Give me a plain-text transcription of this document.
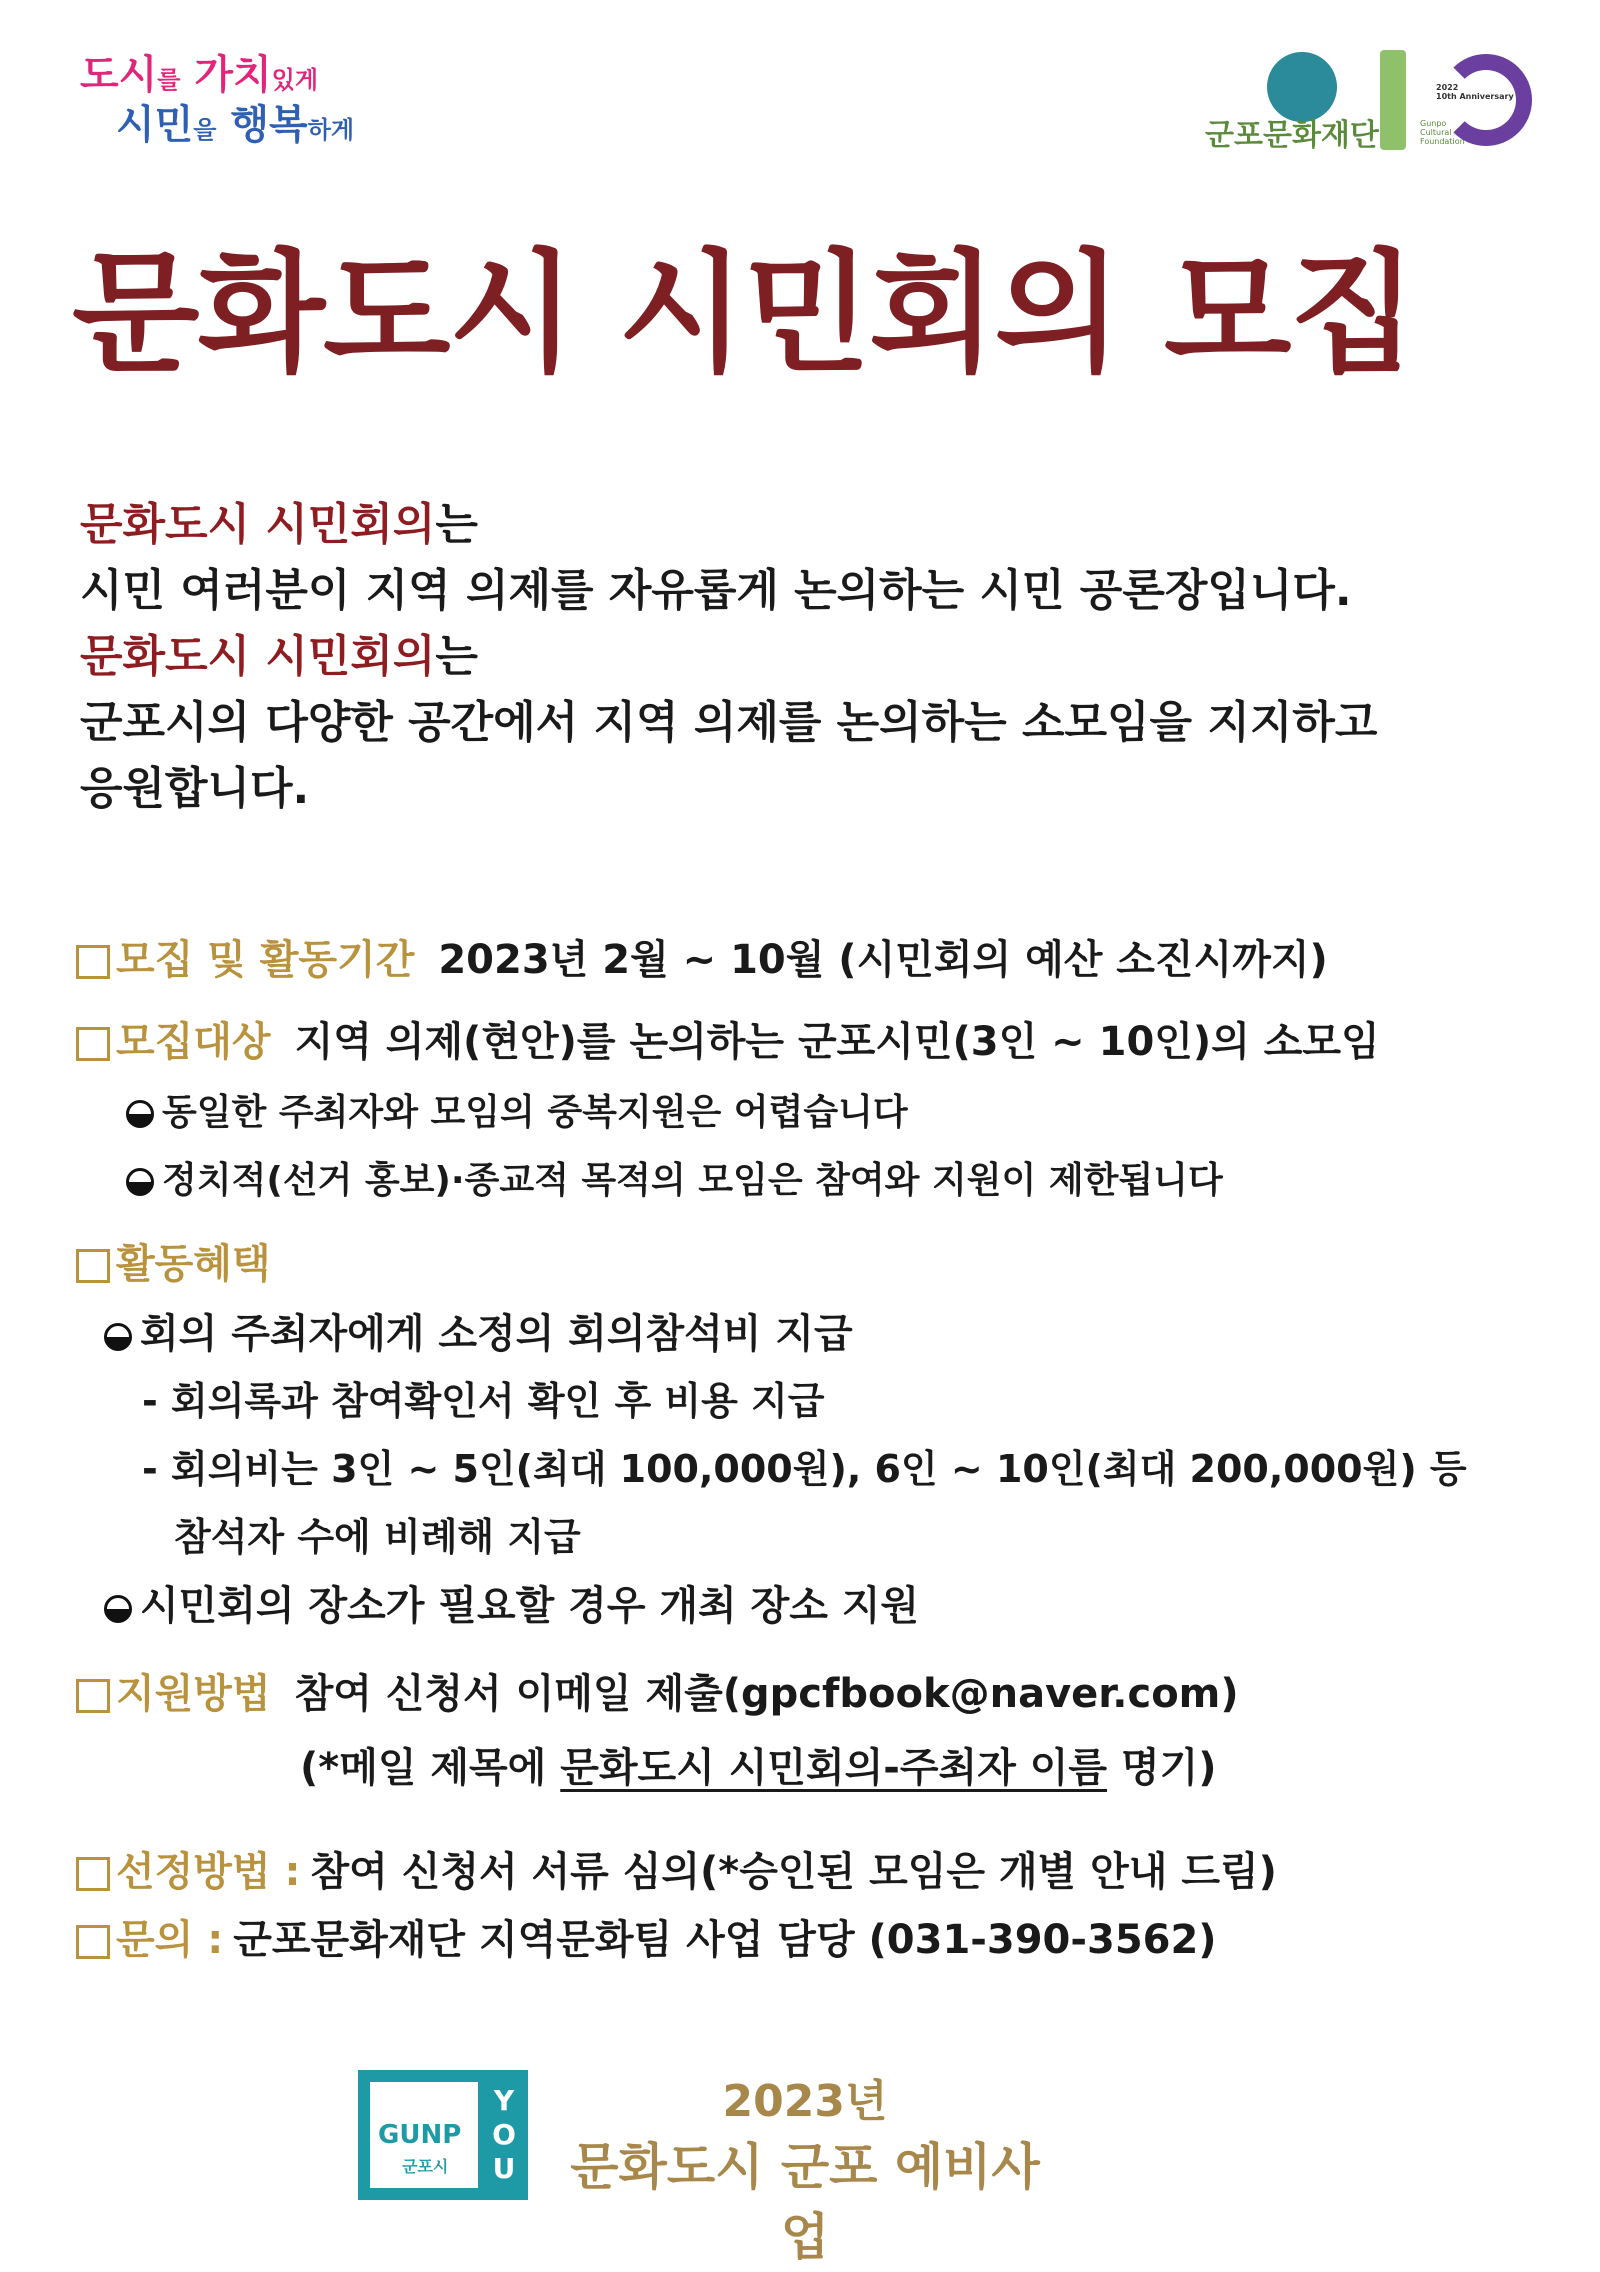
도시를 가치있게
시민을 행복하게	군포문화재단
2022
10th Anniversary
Gunpo
Cultural
Foundation
문화도시 시민회의 모집

문화도시 시민회의는

시민 여러분이 지역 의제를 자유롭게 논의하는 시민 공론장입니다.

문화도시 시민회의는

군포시의 다양한 공간에서 지역 의제를 논의하는 소모임을 지지하고

응원합니다.

모집 및 활동기간 2023년 2월 ~ 10월 (시민회의 예산 소진시까지)
모집대상 지역 의제(현안)를 논의하는 군포시민(3인 ~ 10인)의 소모임
동일한 주최자와 모임의 중복지원은 어렵습니다
정치적(선거 홍보)·종교적 목적의 모임은 참여와 지원이 제한됩니다
활동혜택
회의 주최자에게 소정의 회의참석비 지급
- 회의록과 참여확인서 확인 후 비용 지급
- 회의비는 3인 ~ 5인(최대 100,000원), 6인 ~ 10인(최대 200,000원) 등
참석자 수에 비례해 지급
시민회의 장소가 필요할 경우 개최 장소 지원
지원방법 참여 신청서 이메일 제출(gpcfbook@naver.com)
(*메일 제목에 문화도시 시민회의-주최자 이름 명기)
선정방법 : 참여 신청서 서류 심의(*승인된 모임은 개별 안내 드림)
문의 : 군포문화재단 지역문화팀 사업 담당 (031-390-3562)
GUNP
군포시
Y
O
U
2023년
문화도시 군포 예비사업
